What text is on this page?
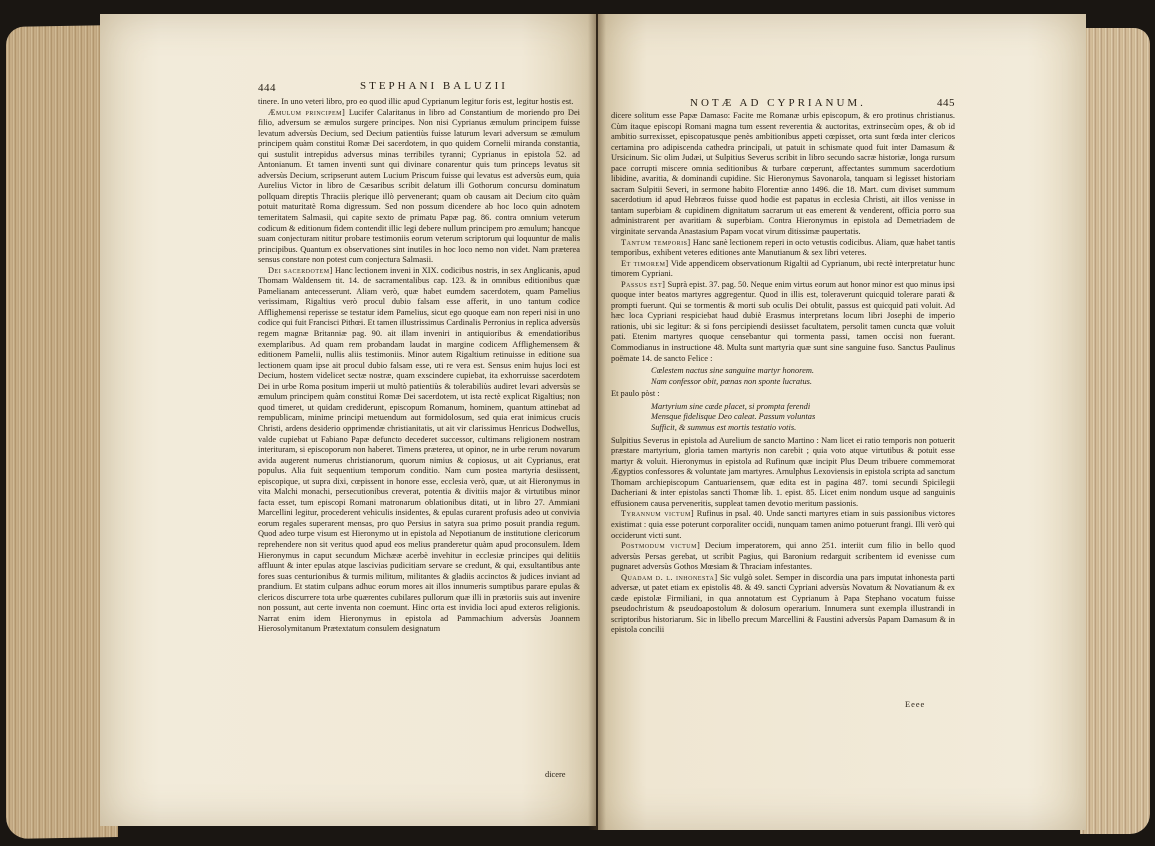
444	STEPHANI BALUZII

tinere. In uno veteri libro, pro eo quod illic apud Cyprianum legitur foris est, legitur hostis est.

Æmulum principem] Lucifer Calaritanus in libro ad Constantium de moriendo pro Dei filio, adversum se æmulos surgere principes. Non nisi Cyprianus æmulum principem fuisse levatum adversùs Decium, sed Decium patientiùs fuisse laturum levari adversum se æmulum principem quàm constitui Romæ Dei sacerdotem, in quo quidem Cornelii miranda constantia, qui sustulit intrepidus adversus minas terribiles tyranni; Cyprianus in epistola 52. ad Antonianum. Et tamen inventi sunt qui divinare conarentur quis tum princeps levatus sit adversùs Decium, scripserunt autem Lucium Priscum fuisse qui levatus est adversùs eum, quia Aurelius Victor in libro de Cæsaribus scribit delatum illi Gothorum concursu dominatum pollquam direptis Thraciis plerique illò pervenerant; quam ob causam ait Decium cito quàm potuit maturitatè Roma digressum. Sed non possum dicendere ab hoc loco quin adnotem temeritatem Salmasii, qui capite sexto de primatu Papæ pag. 86. contra omnium veterum codicum & editionum fidem contendit illic legi debere nullum principem pro æmulum; hancque suam conjecturam nititur probare testimoniis eorum veterum scriptorum qui loquuntur de malis principibus. Quantum ex observationes sint inutiles in hoc loco nemo non videt. Nam præterea sensus constare non potest cum conjectura Salmasii.

Dei sacerdotem] Hanc lectionem inveni in XIX. codicibus nostris, in sex Anglicanis, apud Thomam Waldensem tit. 14. de sacramentalibus cap. 123. & in omnibus editionibus quæ Pamelianam antecesserunt. Aliam verò, quæ habet eumdem sacerdotem, quam Pamelius verissimam, Rigaltius verò procul dubio falsam esse afferit, in uno tantum codice Afflighemensi reperisse se testatur idem Pamelius, sicut ego quoque eam non reperi nisi in uno codice qui fuit Francisci Pithœi. Et tamen illustrissimus Cardinalis Perronius in replica adversùs regem magnæ Britanniæ pag. 90. ait illam inveniri in antiquioribus & emendatioribus exemplaribus. Ad quam rem probandam laudat in margine codicem Afflighemensem & editionem Pamelii, nullis aliis testimoniis. Minor autem Rigaltium retinuisse in editione sua lectionem quam ipse ait procul dubio falsam esse, uti re vera est. Sensus enim hujus loci est Decium, hostem videlicet sectæ nostræ, quam exscindere cupiebat, ita exhorruisse sacerdotem Dei in urbe Roma positum imperii ut multò patientiùs & tolerabiliùs audiret levari adversùs se æmulum principem quàm constitui Romæ Dei sacerdotem, ut ista rectè explicat Rigaltius; non quod timeret, ut quidam crediderunt, episcopum Romanum, hominem, quantum attinebat ad rempublicam, minime principi metuendum aut formidolosum, sed quia erat inimicus crucis Christi, ardens desiderio opprimendæ christianitatis, ut ait vir clarissimus Henricus Dodwellus, valde cupiebat ut Fabiano Papæ defuncto decederet successor, cultimans religionem nostram interituram, si episcoporum non haberet. Timens præterea, ut opinor, ne in urbe rerum novarum avida augerent numerus christianorum, quorum nimius & copiosus, ut ait Cyprianus, erat populus. Alia fuit sequentium temporum conditio. Nam cum postea martyria desiissent, episcopique, ut supra dixi, cœpissent in honore esse, ecclesia verò, quæ, ut ait Hieronymus in vita Malchi monachi, persecutionibus creverat, potentia & divitiis major & virtutibus minor facta esset, tum episcopi Romani matronarum oblationibus ditati, ut in libro 27. Ammiani Marcellini legitur, procederent vehiculis insidentes, & epulas curarent profusis adeo ut convivia eorum regales superarent mensas, pro quo Persius in satyra sua primo posuit prandia regum. Quod adeo turpe visum est Hieronymo ut in epistola ad Nepotianum de institutione clericorum reprehendere non sit veritus quod apud eos melius pranderetur quàm apud proconsulem. Idem Hieronymus in caput secundum Michææ acerbè invehitur in ecclesiæ principes qui delitiis affluunt & inter epulas atque lascivias pudicitiam servare se credunt, & qui, exsultantibus ante fores suas centurionibus & turmis militum, militantes & gladiis accinctos & judices inviant ad prandium. Et statim culpans adhuc eorum mores ait illos innumeris sumptibus parare epulas & clericos discurrere tota urbe quærentes cubilares pullorum quæ illi in prætoriis suis aut invenire non possunt, aut certe inventa non coemunt. Hinc orta est invidia loci apud exteros religionis. Narrat enim idem Hieronymus in epistola ad Pammachium adversùs Joannem Hierosolymitanum Prætextatum consulem designatum

dicere
NOTÆ AD CYPRIANUM.	445

dicere solitum esse Papæ Damaso: Facite me Romanæ urbis episcopum, & ero protinus christianus. Cùm itaque episcopi Romani magna tum essent reverentia & auctoritas, extrinsecùm opes, & ob id ambitio surrexisset, episcopatusque penès ambitionibus appeti cœpisset, orta sunt fœda inter clericos certamina pro adipiscenda cathedra principali, ut patuit in schismate quod fuit inter Damasum & Ursicinum. Sic olim Judæi, ut Sulpitius Severus scribit in libro secundo sacræ historiæ, longa rursum pace corrupti miscere omnia seditionibus & turbare cœperunt, affectantes summum sacerdotium libidine, avaritia, & dominandi cupidine. Sic Hieronymus Savonarola, tanquam si legisset historiam sacram Sulpitii Severi, in sermone habito Florentiæ anno 1496. die 18. Mart. cum diviset summum sacerdotium id apud Hebræos fuisse quod hodie est papatus in ecclesia Christi, ait illos venisse in tantam superbiam & cupidinem dignitatum sacrarum ut eas emerent & venderent, officia porro sua administrarent per avaritiam & superbiam. Contra Hieronymus in epistola ad Demetriadem de virginitate servanda Anastasium Papam vocat virum ditissimæ paupertatis.

Tantum temporis] Hanc sanè lectionem reperi in octo vetustis codicibus. Aliam, quæ habet tantis temporibus, exhibent veteres editiones ante Manutianum & sex libri veteres.

Et timorem] Vide appendicem observationum Rigaltii ad Cyprianum, ubi rectè interpretatur hunc timorem Cypriani.

Passus est] Suprà epist. 37. pag. 50. Neque enim virtus eorum aut honor minor est quo minus ipsi quoque inter beatos martyres aggregentur. Quod in illis est, toleraverunt quicquid tolerare parati & prompti fuerunt. Qui se tormentis & morti sub oculis Dei obtulit, passus est quicquid pati voluit. Ad hæc loca Cypriani respiciebat haud dubiè Erasmus interpretans locum libri Josephi de imperio rationis, ubi sic legitur: & si fons percipiendi desiisset facultatem, persolit tamen cuncta quæ voluit pati. Etenim martyres quoque censebantur qui tormenta passi, tamen occisi non fuerant. Commodianus in instructione 48. Multa sunt martyria quæ sunt sine sanguine fuso. Sanctus Paulinus poëmate 14. de sancto Felice :

Cœlestem nactus sine sanguine martyr honorem.
Nam confessor obit, pœnas non sponte lucratus.

Et paulo pòst :

Martyrium sine cæde placet, si prompta ferendi
Mensque fidelisque Deo caleat. Passum voluntas
Sufficit, & summus est mortis testatio votis.

Sulpitius Severus in epistola ad Aurelium de sancto Martino : Nam licet ei ratio temporis non potuerit præstare martyrium, gloria tamen martyris non carebit ; quia voto atque virtutibus & potuit esse martyr & voluit. Hieronymus in epistola ad Rufinum quæ incipit Plus Deum tribuere commemorat Ægyptios confessores & voluntate jam martyres. Arnulphus Lexoviensis in epistola scripta ad sanctum Thomam archiepiscopum Cantuariensem, quæ edita est in pagina 487. tomi secundi Spicilegii Dacheriani & inter epistolas sancti Thomæ lib. 1. epist. 85. Licet enim nondum usque ad sanguinis effusionem causa perveneritis, suppleat tamen devotio meritum passionis.

Tyrannum victum] Rufinus in psal. 40. Unde sancti martyres etiam in suis passionibus victores existimat : quia esse poterunt corporaliter occidi, nunquam tamen animo potuerunt frangi. Illi verò qui occiderunt victi sunt.

Postmodum victum] Decium imperatorem, qui anno 251. interiit cum filio in bello quod adversùs Persas gerebat, ut scribit Pagius, qui Baronium redarguit scribentem id evenisse cum pugnaret adversùs Gothos Mœsiam & Thraciam infestantes.

Quadam d. l. inhonesta] Sic vulgò solet. Semper in discordia una pars imputat inhonesta parti adversæ, ut patet etiam ex epistolis 48. & 49. sancti Cypriani adversùs Novatum & Novatianum & ex cæde epistolæ Firmiliani, in qua annotatum est Cyprianum à Papa Stephano vocatum fuisse pseudochristum & pseudoapostolum & dolosum operarium. Innumera sunt exempla illustrandi in scriptoribus historiarum. Sic in libello precum Marcellini & Faustini adversùs Papam Damasum & in epistola concilii

Eeee
